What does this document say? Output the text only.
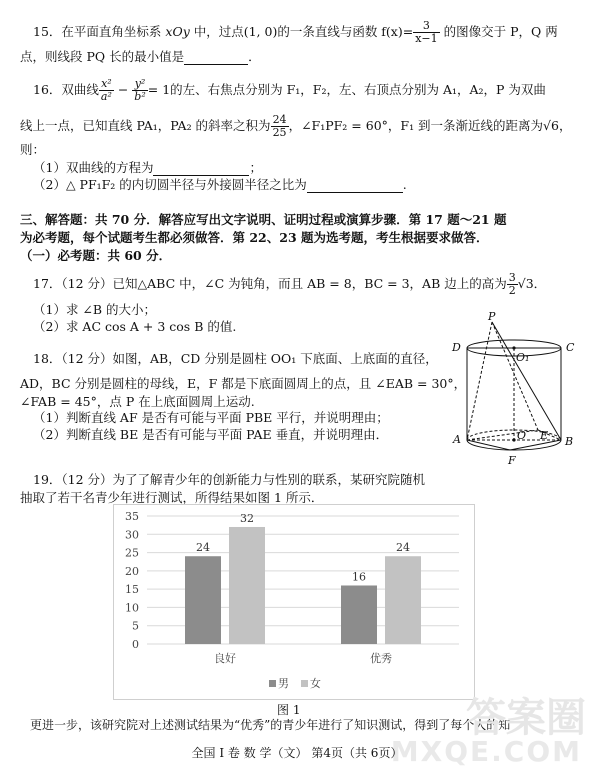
15．在平面直角坐标系 xOy 中，过点(1, 0)的一条直线与函数 $f(x)= \frac{3}{x-1}$ 的图像交于 P，Q 两
点，则线段 PQ 长的最小值是	．
16．双曲线 $\frac{\text{x²}}{\text{a²}} - \frac{\text{y²}}{\text{b²}} = 1$的左、右焦点分别为 F₁，F₂，左、右顶点分别为 A₁，A₂，P 为双曲
线上一点，已知直线 PA₁，PA₂ 的斜率之积为 $\frac{24}{25}$ ，∠F₁PF₂ = 60°，F₁ 到一条渐近线的距离为√6，
则：
（1）双曲线的方程为	；
（2）△ PF₁F₂ 的内切圆半径与外接圆半径之比为	.
三、解答题：共 70 分．解答应写出文字说明、证明过程或演算步骤．第 17 题～21 题
为必考题，每个试题考生都必须做答．第 22、23 题为选考题，考生根据要求做答．
（一）必考题：共 60 分．
17．（12 分）已知△ABC 中，∠C 为钝角，而且 AB = 8，BC = 3，AB 边上的高为 $\frac{3}{2} √3$．
（1）求 ∠B 的大小；
（2）求 AC cos A + 3 cos B 的值.
18．（12 分）如图，AB，CD 分别是圆柱 OO₁ 下底面、上底面的直径，
AD，BC 分别是圆柱的母线，E，F 都是下底面圆周上的点，且 ∠EAB = 30°，
∠FAB = 45°，点 P 在上底面圆周上运动.
（1）判断直线 AF 是否有可能与平面 PBE 平行，并说明理由；
（2）判断直线 BE 是否有可能与平面 PAE 垂直，并说明理由．
P
D	C
O₁
A	B
O E
F
19．（12 分）为了了解青少年的创新能力与性别的联系，某研究院随机
抽取了若干名青少年进行测试，所得结果如图 1 所示．
0
5
10
15
20
25
30
35
24
32
16
24
良好	优秀
男 女
图 1
更进一步，该研究院对上述测试结果为“优秀”的青少年进行了知识测试，得到了每个人的知
答案圈
MXQE.COM
全国 I 卷 数 学（文） 第4页（共 6页）
